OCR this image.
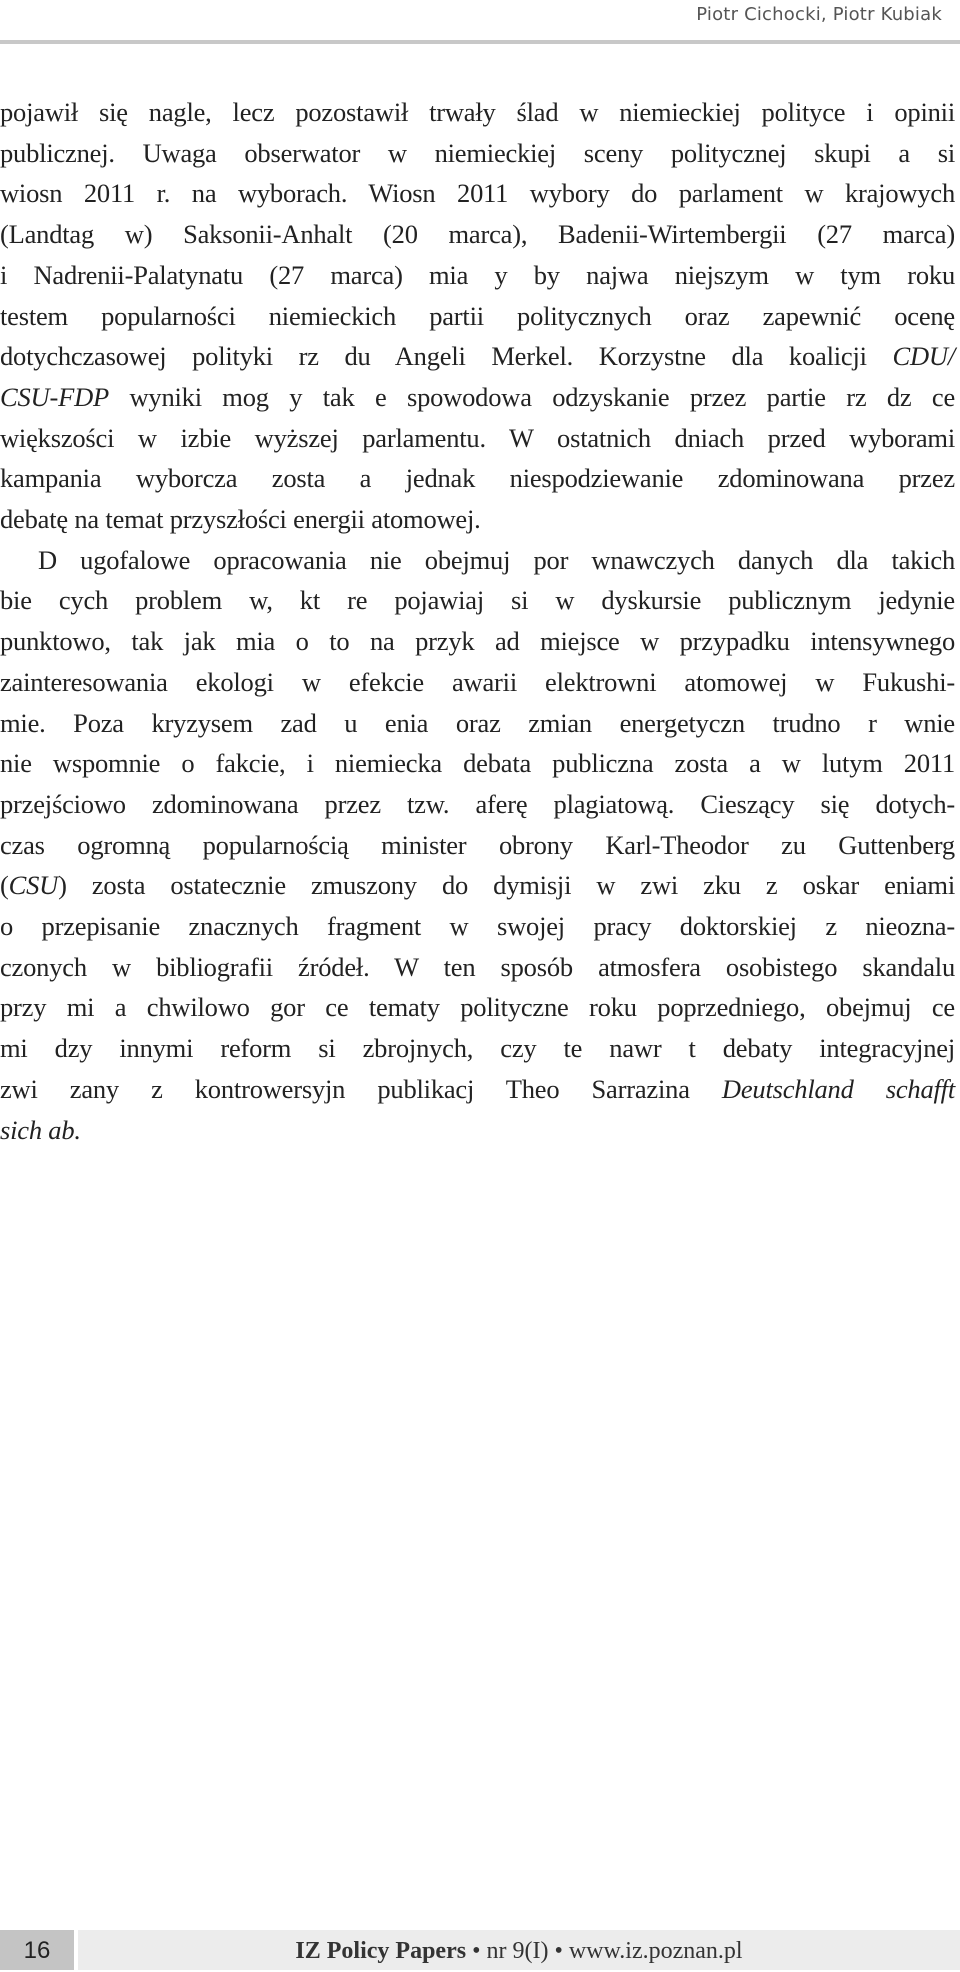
Piotr Cichocki, Piotr Kubiak
pojawił się nagle, lecz pozostawił trwały ślad w niemieckiej polityce i opinii
publicznej. Uwaga obserwator w niemieckiej sceny politycznej skupi a si
wiosn 2011 r. na wyborach. Wiosn 2011 wybory do parlament w krajowych
(Landtag w) Saksonii-Anhalt (20 marca), Badenii-Wirtembergii (27 marca)
i Nadrenii-Palatynatu (27 marca) mia y by najwa niejszym w tym roku
testem popularności niemieckich partii politycznych oraz zapewnić ocenę
dotychczasowej polityki rz du Angeli Merkel. Korzystne dla koalicji CDU/
CSU-FDP wyniki mog y tak e spowodowa odzyskanie przez partie rz dz ce
większości w izbie wyższej parlamentu. W ostatnich dniach przed wyborami
kampania wyborcza zosta a jednak niespodziewanie zdominowana przez
debatę na temat przyszłości energii atomowej.
D ugofalowe opracowania nie obejmuj por wnawczych danych dla takich
bie cych problem w, kt re pojawiaj si w dyskursie publicznym jedynie
punktowo, tak jak mia o to na przyk ad miejsce w przypadku intensywnego
zainteresowania ekologi w efekcie awarii elektrowni atomowej w Fukushi-
mie. Poza kryzysem zad u enia oraz zmian energetyczn trudno r wnie
nie wspomnie o fakcie, i niemiecka debata publiczna zosta a w lutym 2011
przejściowo zdominowana przez tzw. aferę plagiatową. Cieszący się dotych-
czas ogromną popularnością minister obrony Karl-Theodor zu Guttenberg
(CSU) zosta ostatecznie zmuszony do dymisji w zwi zku z oskar eniami
o przepisanie znacznych fragment w swojej pracy doktorskiej z nieozna-
czonych w bibliografii źródeł. W ten sposób atmosfera osobistego skandalu
przy mi a chwilowo gor ce tematy polityczne roku poprzedniego, obejmuj ce
mi dzy innymi reform si zbrojnych, czy te nawr t debaty integracyjnej
zwi zany z kontrowersyjn publikacj Theo Sarrazina Deutschland schafft
sich ab.
16	IZ Policy Papers • nr 9(I) • www.iz.poznan.pl
